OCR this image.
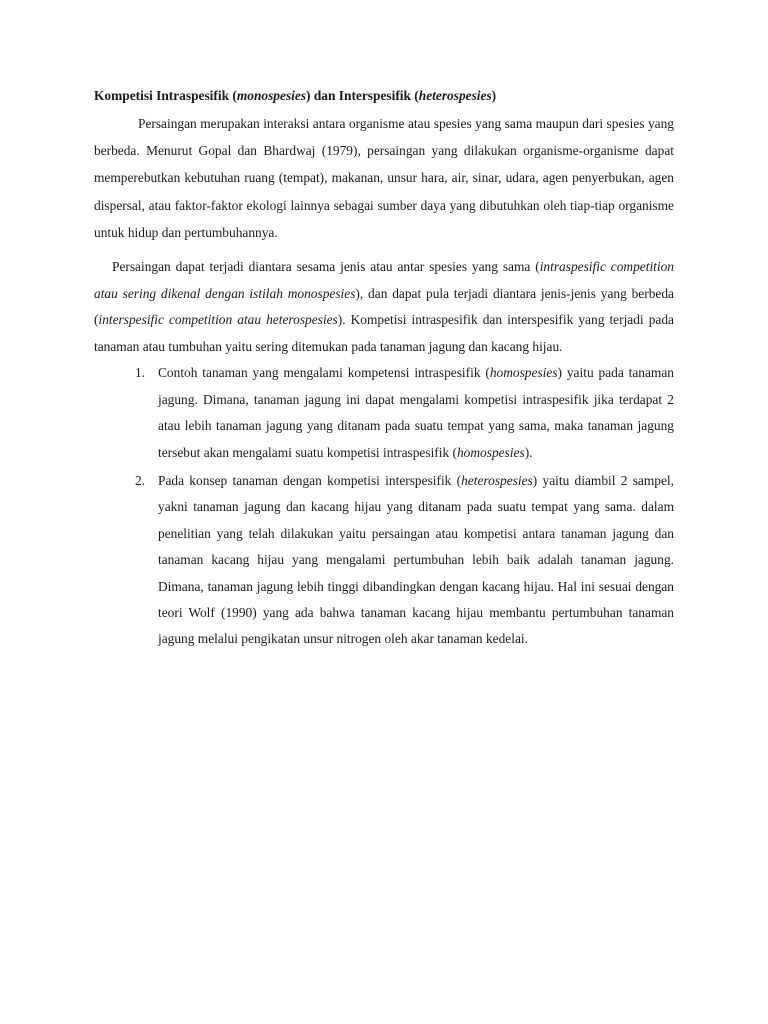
Kompetisi Intraspesifik (monospesies) dan Interspesifik (heterospesies)

Persaingan merupakan interaksi antara organisme atau spesies yang sama maupun dari spesies yang berbeda. Menurut Gopal dan Bhardwaj (1979), persaingan yang dilakukan organisme-organisme dapat memperebutkan kebutuhan ruang (tempat), makanan, unsur hara, air, sinar, udara, agen penyerbukan, agen dispersal, atau faktor-faktor ekologi lainnya sebagai sumber daya yang dibutuhkan oleh tiap-tiap organisme untuk hidup dan pertumbuhannya.

Persaingan dapat terjadi diantara sesama jenis atau antar spesies yang sama (intraspesific competition atau sering dikenal dengan istilah monospesies), dan dapat pula terjadi diantara jenis-jenis yang berbeda (interspesific competition atau heterospesies). Kompetisi intraspesifik dan interspesifik yang terjadi pada tanaman atau tumbuhan yaitu sering ditemukan pada tanaman jagung dan kacang hijau.

1. Contoh tanaman yang mengalami kompetensi intraspesifik (homospesies) yaitu pada tanaman jagung. Dimana, tanaman jagung ini dapat mengalami kompetisi intraspesifik jika terdapat 2 atau lebih tanaman jagung yang ditanam pada suatu tempat yang sama, maka tanaman jagung tersebut akan mengalami suatu kompetisi intraspesifik (homospesies).
2. Pada konsep tanaman dengan kompetisi interspesifik (heterospesies) yaitu diambil 2 sampel, yakni tanaman jagung dan kacang hijau yang ditanam pada suatu tempat yang sama. dalam penelitian yang telah dilakukan yaitu persaingan atau kompetisi antara tanaman jagung dan tanaman kacang hijau yang mengalami pertumbuhan lebih baik adalah tanaman jagung. Dimana, tanaman jagung lebih tinggi dibandingkan dengan kacang hijau. Hal ini sesuai dengan teori Wolf (1990) yang ada bahwa tanaman kacang hijau membantu pertumbuhan tanaman jagung melalui pengikatan unsur nitrogen oleh akar tanaman kedelai.
